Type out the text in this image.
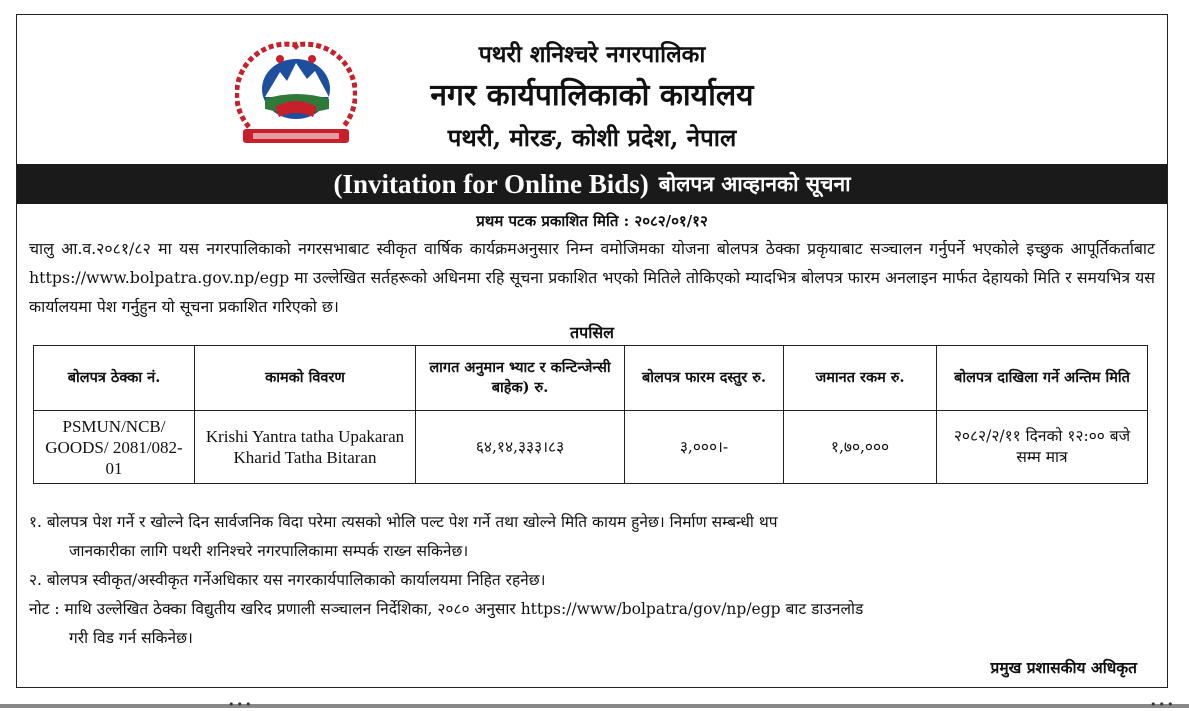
पथरी शनिश्चरे नगरपालिका
नगर कार्यपालिकाको कार्यालय
पथरी, मोरङ, कोशी प्रदेश, नेपाल
(Invitation for Online Bids) बोलपत्र आव्हानको सूचना
प्रथम पटक प्रकाशित मिति : २०८२/०१/१२
चालु आ.व.२०८१/८२ मा यस नगरपालिकाको नगरसभाबाट स्वीकृत वार्षिक कार्यक्रमअनुसार निम्न वमोजिमका योजना बोलपत्र ठेक्का प्रकृयाबाट सञ्चालन गर्नुपर्ने भएकोले इच्छुक आपूर्तिकर्ताबाट https://www.bolpatra.gov.np/egp मा उल्लेखित सर्तहरूको अधिनमा रहि सूचना प्रकाशित भएको मितिले तोकिएको म्यादभित्र बोलपत्र फारम अनलाइन मार्फत देहायको मिति र समयभित्र यस कार्यालयमा पेश गर्नुहुन यो सूचना प्रकाशित गरिएको छ।
तपसिल
बोलपत्र ठेक्का नं.	कामको विवरण	लागत अनुमान भ्याट र कन्टिन्जेन्सी बाहेक) रु.	बोलपत्र फारम दस्तुर रु.	जमानत रकम रु.	बोलपत्र दाखिला गर्ने अन्तिम मिति
PSMUN/NCB/ GOODS/ 2081/082-01	Krishi Yantra tatha Upakaran Kharid Tatha Bitaran	६४,१४,३३३।८३	३,०००।-	१,७०,०००	२०८२/२/११ दिनको १२:०० बजे सम्म मात्र

१. बोलपत्र पेश गर्ने र खोल्ने दिन सार्वजनिक विदा परेमा त्यसको भोलि पल्ट पेश गर्ने तथा खोल्ने मिति कायम हुनेछ। निर्माण सम्बन्धी थप

जानकारीका लागि पथरी शनिश्चरे नगरपालिकामा सम्पर्क राख्न सकिनेछ।

२. बोलपत्र स्वीकृत/अस्वीकृत गर्नेअधिकार यस नगरकार्यपालिकाको कार्यालयमा निहित रहनेछ।

नोट : माथि उल्लेखित ठेक्का विद्युतीय खरिद प्रणाली सञ्चालन निर्देशिका, २०८० अनुसार https://www/bolpatra/gov/np/egp बाट डाउनलोड

गरी विड गर्न सकिनेछ।

प्रमुख प्रशासकीय अधिकृत
•••	•••
